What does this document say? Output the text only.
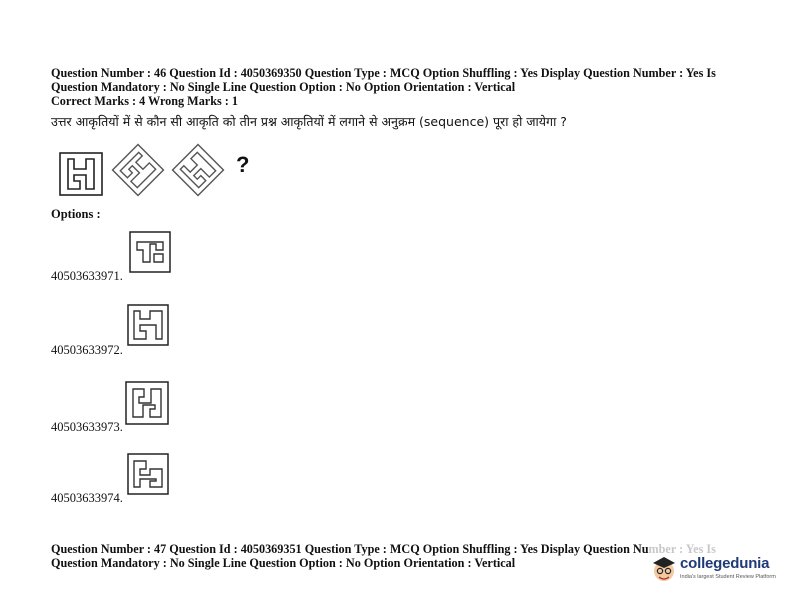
Question Number : 46 Question Id : 4050369350 Question Type : MCQ Option Shuffling : Yes Display Question Number : Yes Is
Question Mandatory : No Single Line Question Option : No Option Orientation : Vertical
Correct Marks : 4 Wrong Marks : 1
उत्तर आकृतियों में से कौन सी आकृति को तीन प्रश्न आकृतियों में लगाने से अनुक्रम (sequence) पूरा हो जायेगा ?
?
Options :
40503633971.
40503633972.
40503633973.
40503633974.
Question Number : 47 Question Id : 4050369351 Question Type : MCQ Option Shuffling : Yes Display Question Number : Yes Is
Question Mandatory : No Single Line Question Option : No Option Orientation : Vertical	collegedunia
India's largest Student Review Platform
